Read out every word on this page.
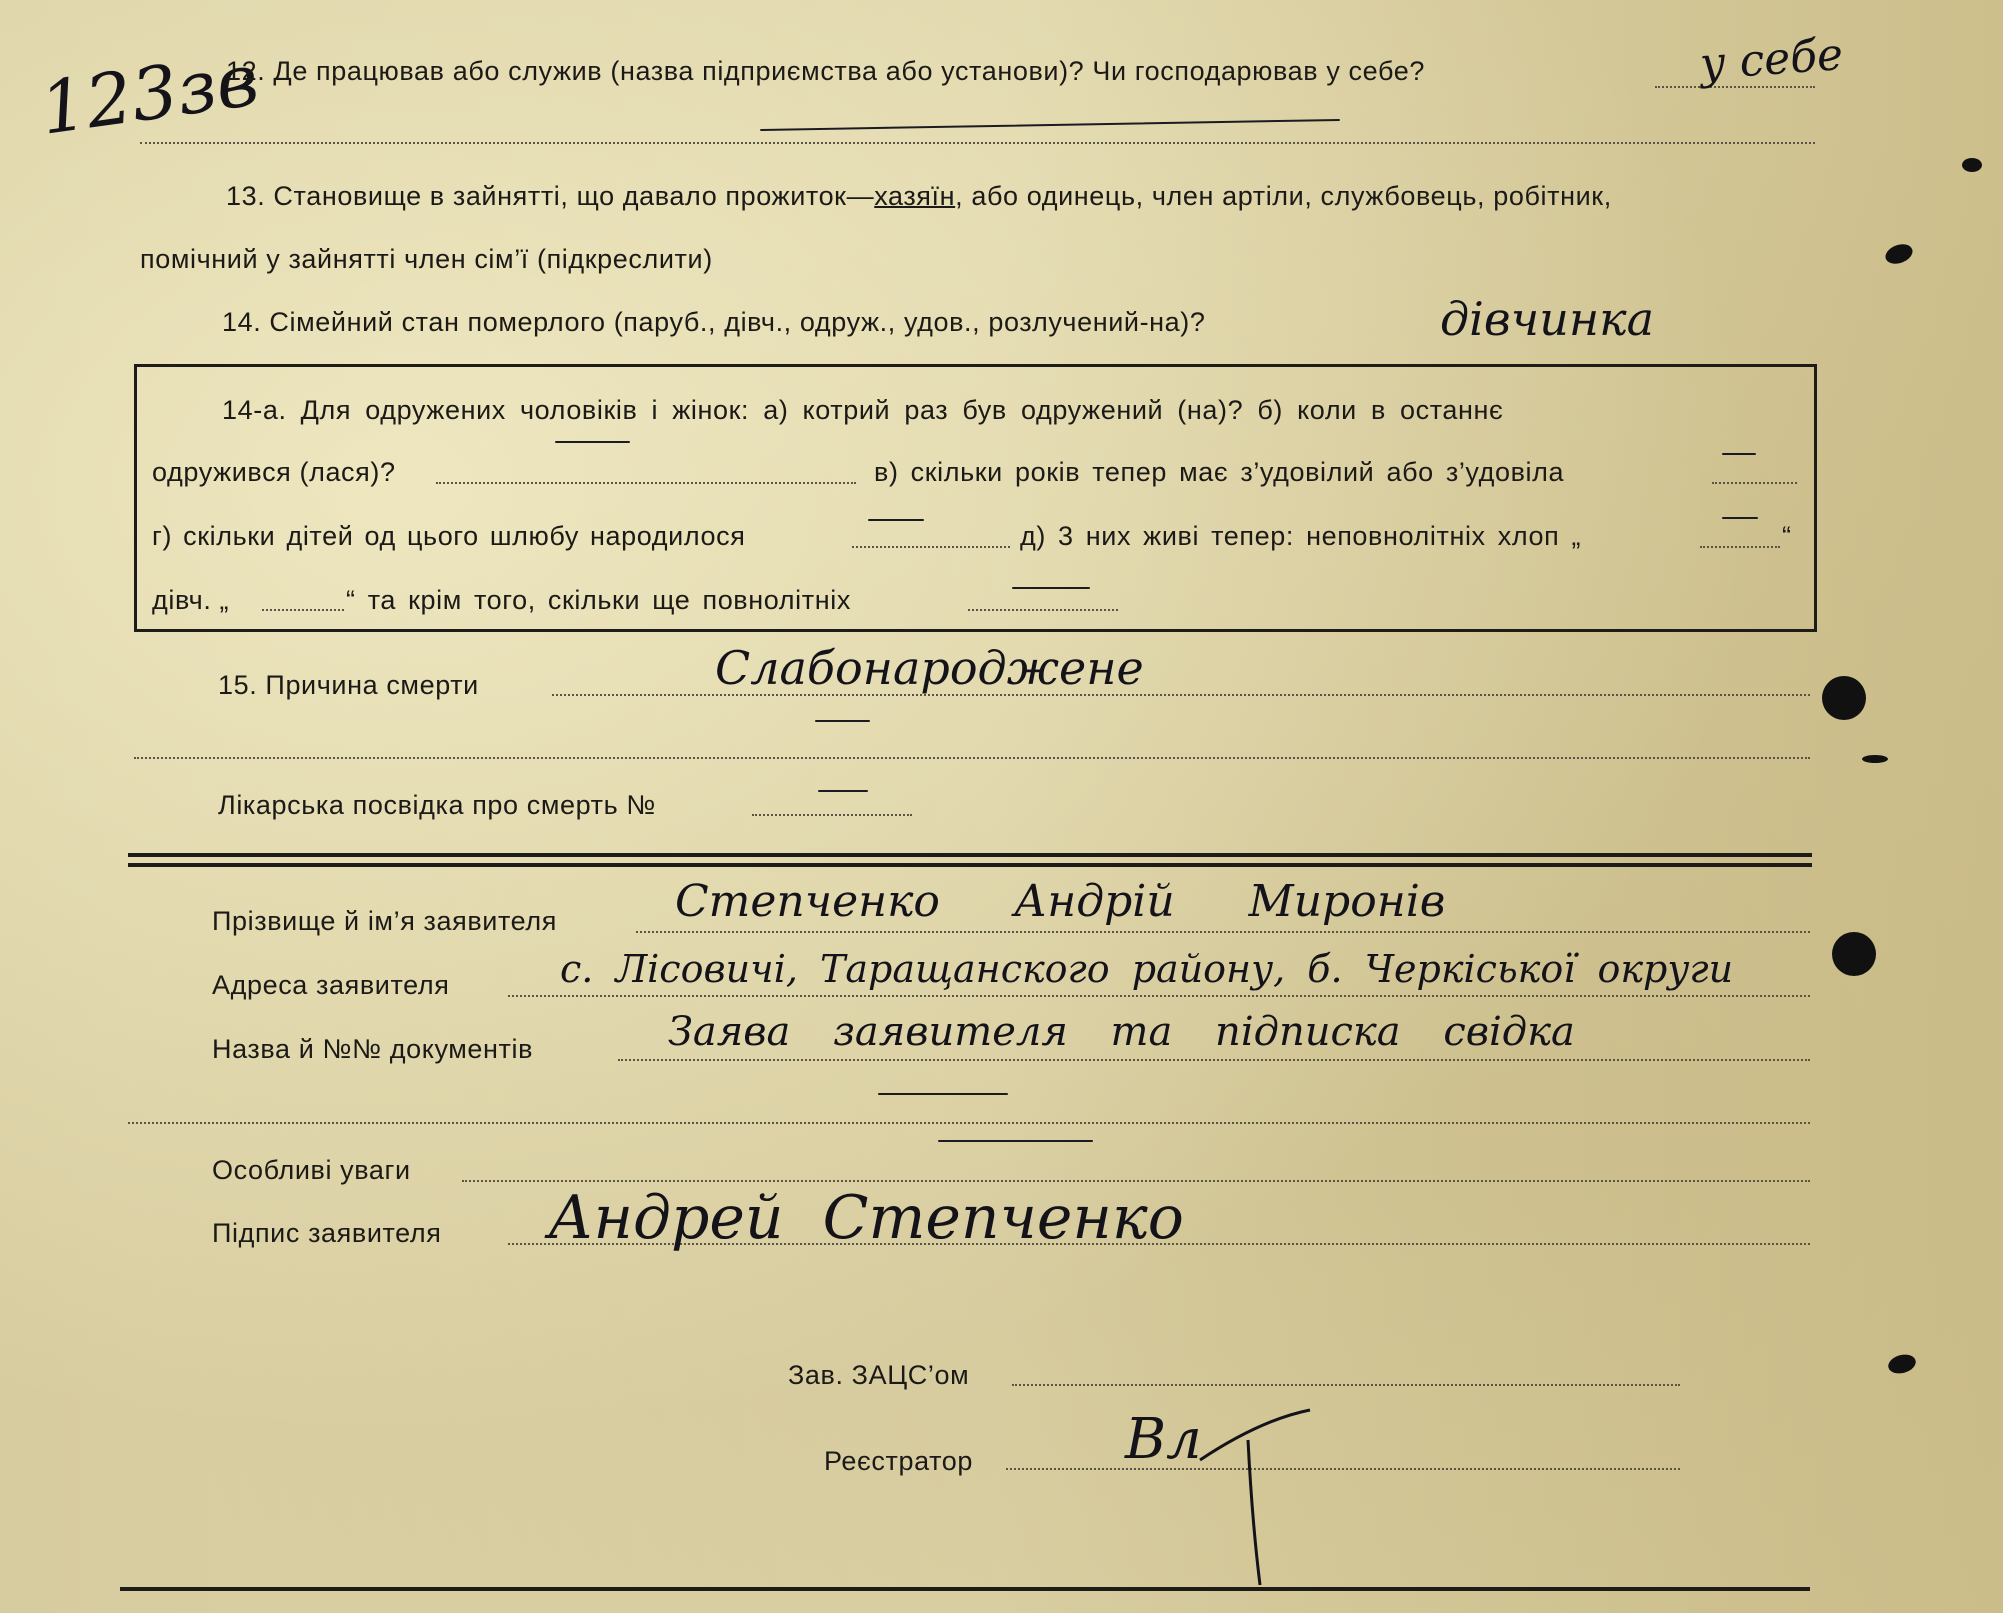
123зв
12. Де працював або служив (назва підприємства або установи)? Чи господарював у себе?	у себе
13. Становище в зайнятті, що давало прожиток—хазяїн, або одинець, член артіли, службовець, робітник,
помічний у зайнятті член сім’ї (підкреслити)
14. Сімейний стан померлого (паруб., дівч., одруж., удов., розлучений-на)?	дівчинка
14-а. Для одружених чоловіків і жінок: а) котрий раз був одружений (на)? б) коли в останнє
одружився (лася)?	в) скільки років тепер має з’удовілий або з’удовіла
г) скільки дітей од цього шлюбу народилося	д) 3 них живі тепер: неповнолітніх хлоп „	“
дівч. „	“ та крім того, скільки ще повнолітніх
15. Причина смерти	Слабонароджене
Лікарська посвідка про смерть №
Прізвище й ім’я заявителя	Степченко Андрій Миронів
Адреса заявителя	с. Лісовичі, Таращанского району, б. Черкіської округи
Назва й №№ документів	Заява заявителя та підписка свідка
Особливі уваги
Підпис заявителя Андрей Степченко
Зав. ЗАЦС’ом
Реєстратор	Вл
